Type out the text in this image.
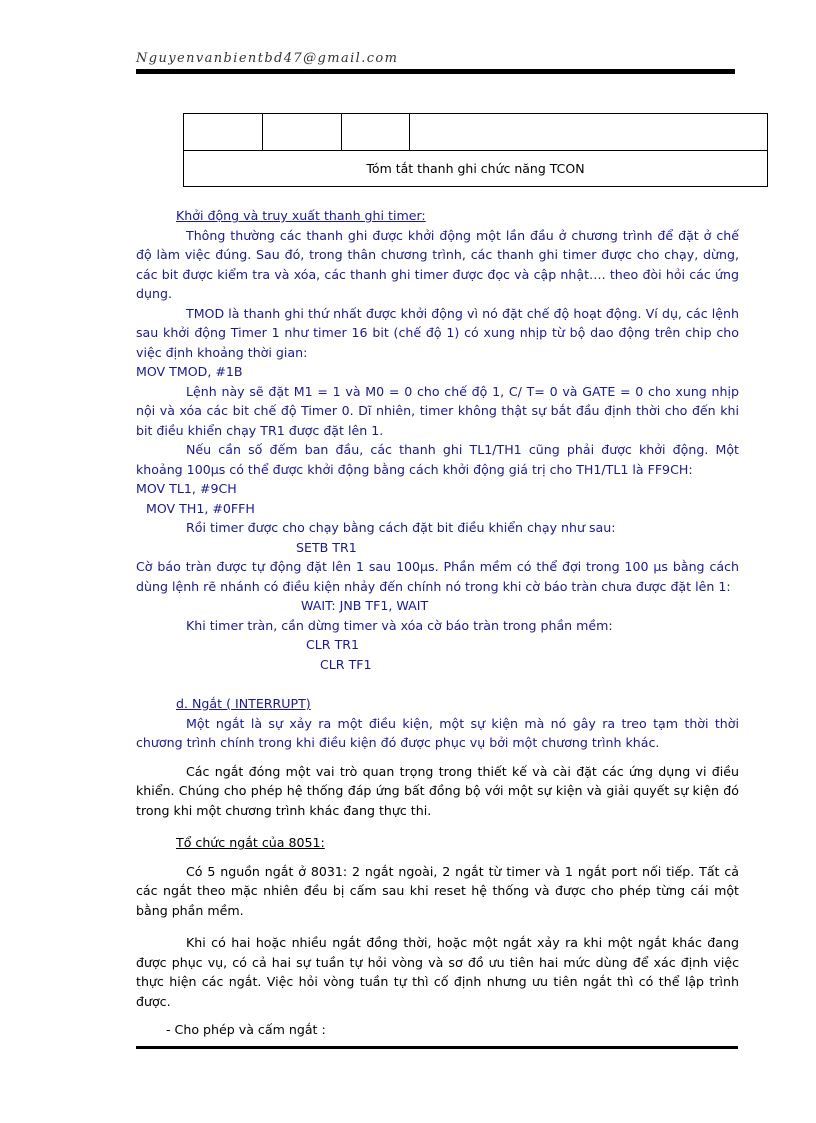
Nguyenvanbientbd47@gmail.com

Tóm tắt thanh ghi chức năng TCON

Khởi động và truy xuất thanh ghi timer:

Thông thường các thanh ghi được khởi động một lần đầu ở chương trình để đặt ở chế độ làm việc đúng. Sau đó, trong thân chương trình, các thanh ghi timer được cho chạy, dừng, các bit được kiểm tra và xóa, các thanh ghi timer được đọc và cập nhật…. theo đòi hỏi các ứng dụng.

TMOD là thanh ghi thứ nhất được khởi động vì nó đặt chế độ hoạt động. Ví dụ, các lệnh sau khởi động Timer 1 như timer 16 bit (chế độ 1) có xung nhịp từ bộ dao động trên chip cho việc định khoảng thời gian:

MOV TMOD, #1B

Lệnh này sẽ đặt M1 = 1 và M0 = 0 cho chế độ 1, C/ T= 0 và GATE = 0 cho xung nhịp nội và xóa các bit chế độ Timer 0. Dĩ nhiên, timer không thật sự bắt đầu định thời cho đến khi bit điều khiển chạy TR1 được đặt lên 1.

Nếu cần số đếm ban đầu, các thanh ghi TL1/TH1 cũng phải được khởi động. Một khoảng 100µs có thể được khởi động bằng cách khởi động giá trị cho TH1/TL1 là FF9CH:

MOV TL1, #9CH

MOV TH1, #0FFH

Rồi timer được cho chạy bằng cách đặt bit điều khiển chạy như sau:

SETB TR1

Cờ báo tràn được tự động đặt lên 1 sau 100µs. Phần mềm có thể đợi trong 100 µs bằng cách dùng lệnh rẽ nhánh có điều kiện nhảy đến chính nó trong khi cờ báo tràn chưa được đặt lên 1:

WAIT: JNB TF1, WAIT

Khi timer tràn, cần dừng timer và xóa cờ báo tràn trong phần mềm:

CLR TR1

CLR TF1

d. Ngắt ( INTERRUPT)

Một ngắt là sự xảy ra một điều kiện, một sự kiện mà nó gây ra treo tạm thời thời chương trình chính trong khi điều kiện đó được phục vụ bởi một chương trình khác.

Các ngắt đóng một vai trò quan trọng trong thiết kế và cài đặt các ứng dụng vi điều khiển. Chúng cho phép hệ thống đáp ứng bất đồng bộ với một sự kiện và giải quyết sự kiện đó trong khi một chương trình khác đang thực thi.

Tổ chức ngắt của 8051:

Có 5 nguồn ngắt ở 8031: 2 ngắt ngoài, 2 ngắt từ timer và 1 ngắt port nối tiếp. Tất cả các ngắt theo mặc nhiên đều bị cấm sau khi reset hệ thống và được cho phép từng cái một bằng phần mềm.

Khi có hai hoặc nhiều ngắt đồng thời, hoặc một ngắt xảy ra khi một ngắt khác đang được phục vụ, có cả hai sự tuần tự hỏi vòng và sơ đồ ưu tiên hai mức dùng để xác định việc thực hiện các ngắt. Việc hỏi vòng tuần tự thì cố định nhưng ưu tiên ngắt thì có thể lập trình được.

- Cho phép và cấm ngắt :
